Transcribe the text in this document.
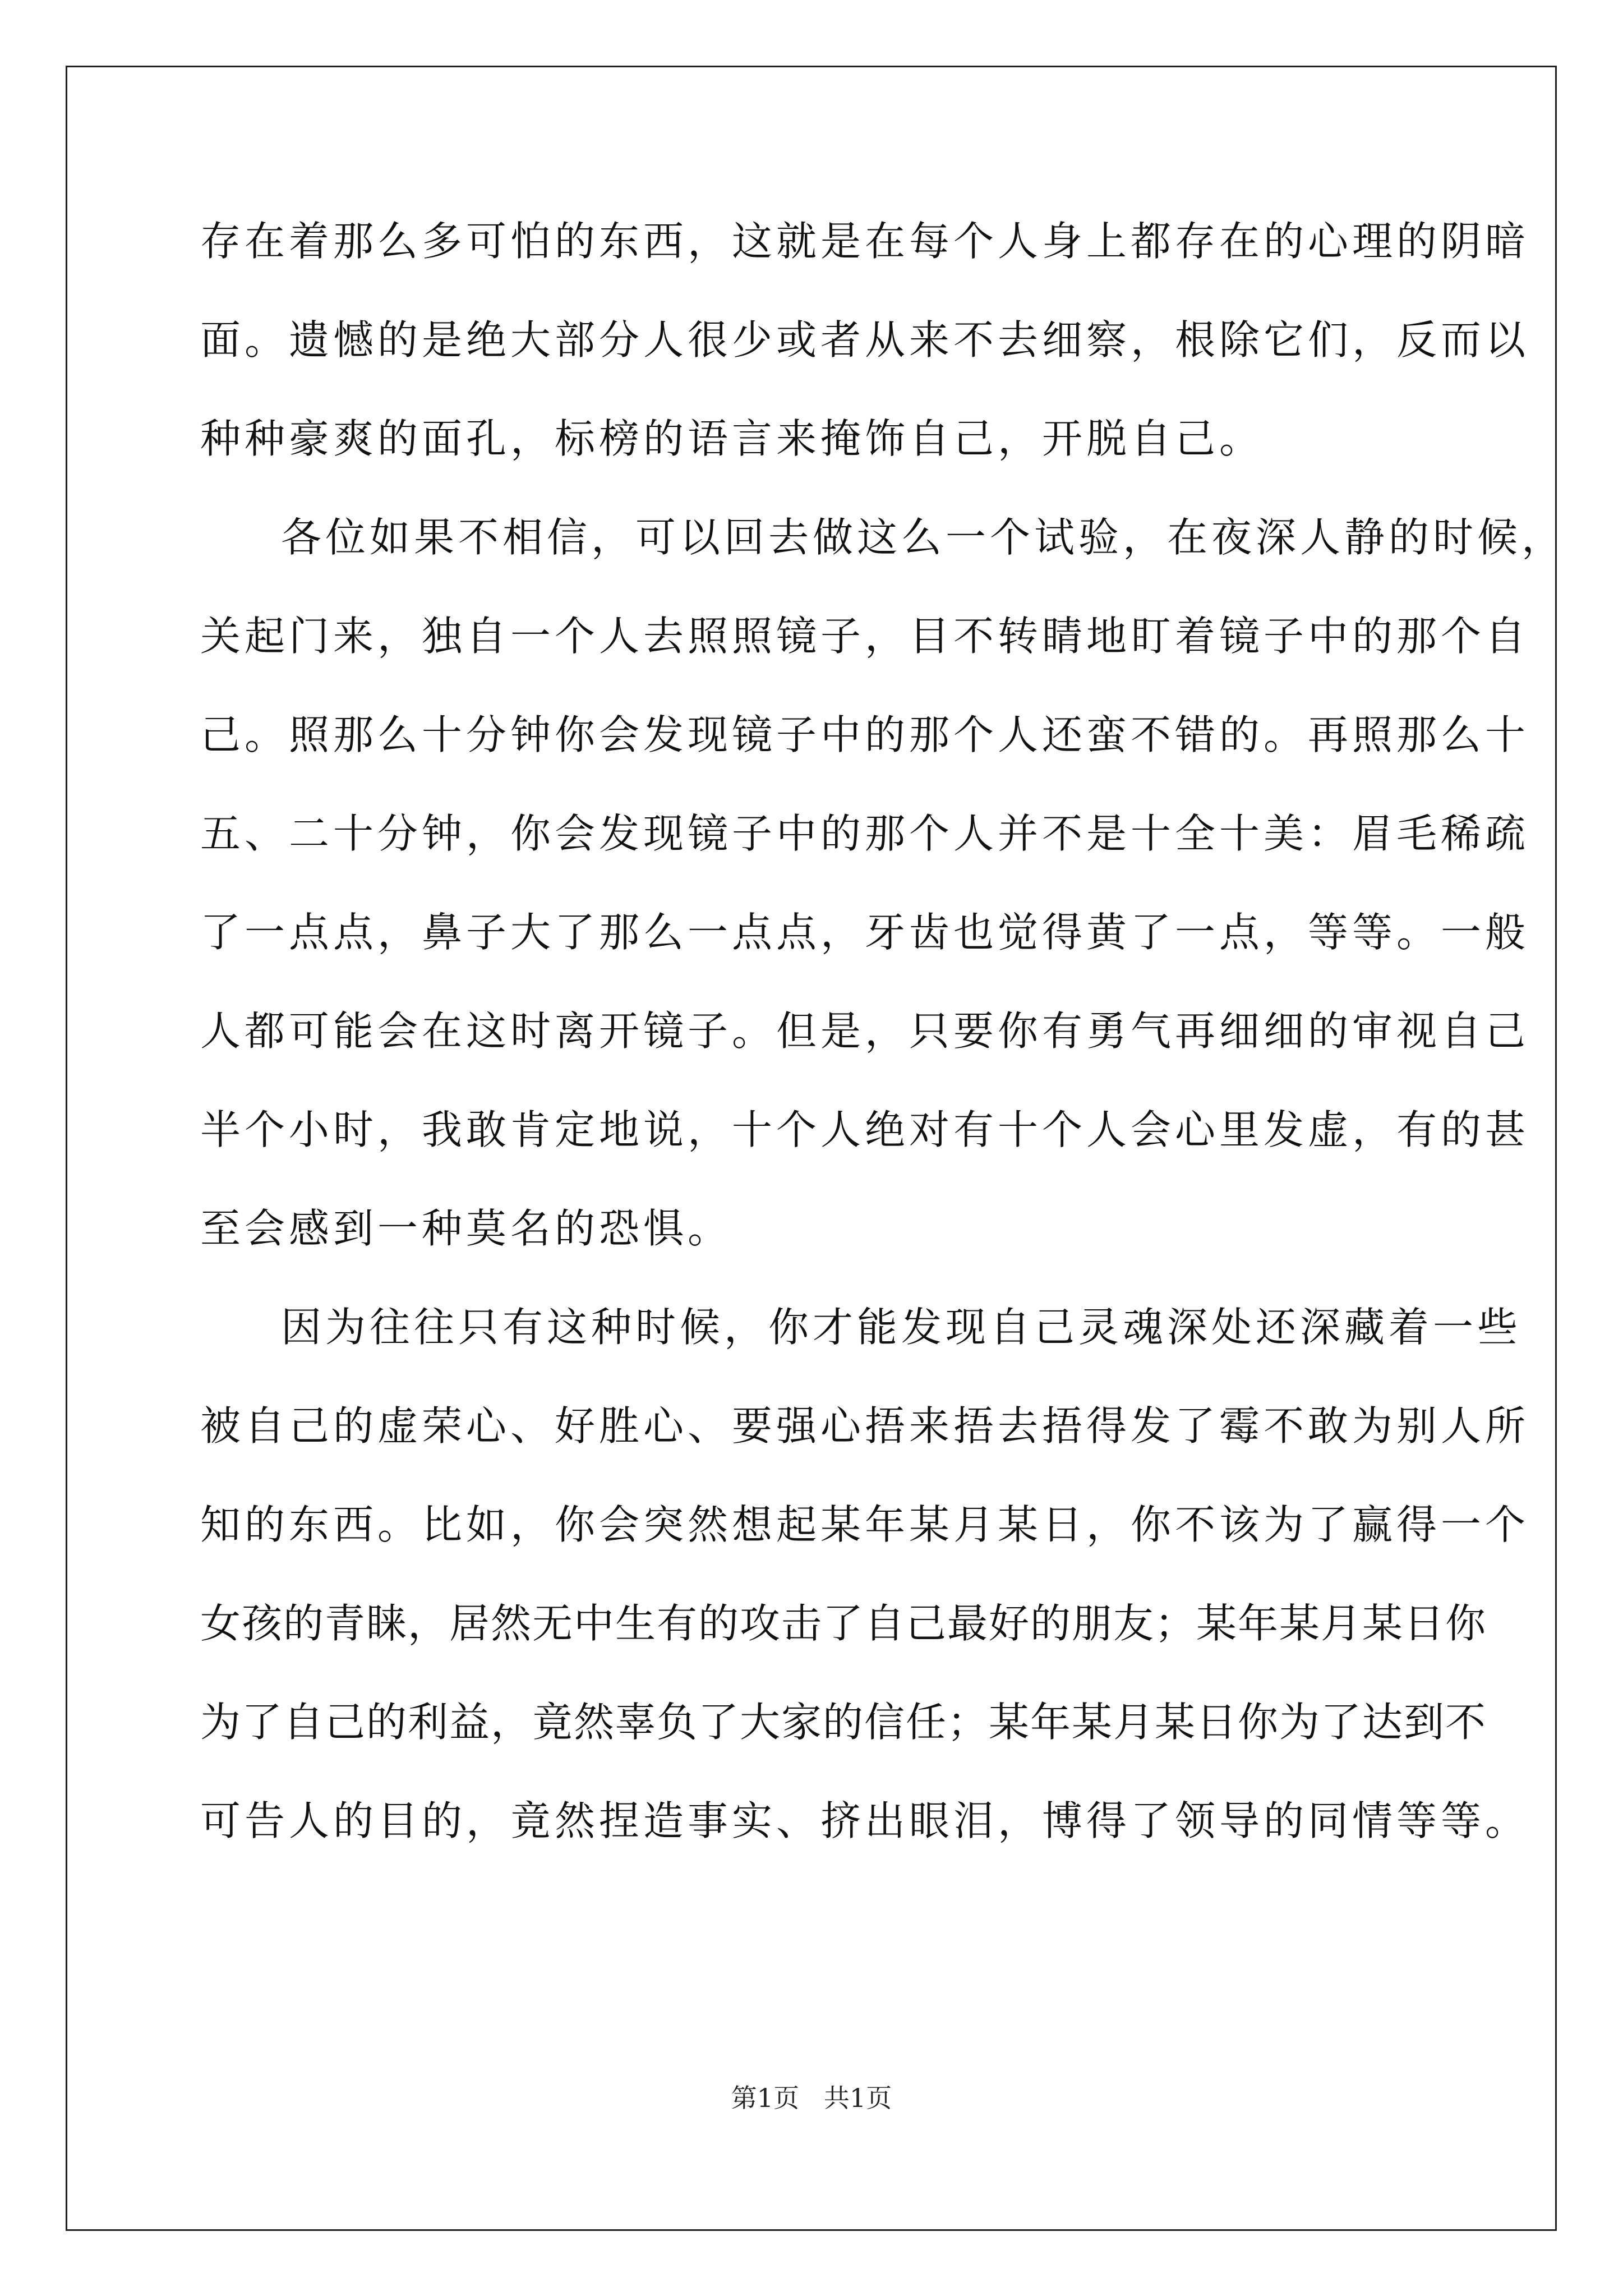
存在着那么多可怕的东西，这就是在每个人身上都存在的心理的阴暗
面。遗憾的是绝大部分人很少或者从来不去细察，根除它们，反而以
种种豪爽的面孔，标榜的语言来掩饰自己，开脱自己。
各位如果不相信，可以回去做这么一个试验，在夜深人静的时候，
关起门来，独自一个人去照照镜子，目不转睛地盯着镜子中的那个自
己。照那么十分钟你会发现镜子中的那个人还蛮不错的。再照那么十
五、二十分钟，你会发现镜子中的那个人并不是十全十美：眉毛稀疏
了一点点，鼻子大了那么一点点，牙齿也觉得黄了一点，等等。一般
人都可能会在这时离开镜子。但是，只要你有勇气再细细的审视自己
半个小时，我敢肯定地说，十个人绝对有十个人会心里发虚，有的甚
至会感到一种莫名的恐惧。
因为往往只有这种时候，你才能发现自己灵魂深处还深藏着一些
被自己的虚荣心、好胜心、要强心捂来捂去捂得发了霉不敢为别人所
知的东西。比如，你会突然想起某年某月某日，你不该为了赢得一个
女孩的青睐，居然无中生有的攻击了自己最好的朋友；某年某月某日你
为了自己的利益，竟然辜负了大家的信任；某年某月某日你为了达到不
可告人的目的，竟然捏造事实、挤出眼泪，博得了领导的同情等等。
第1页   共1页
